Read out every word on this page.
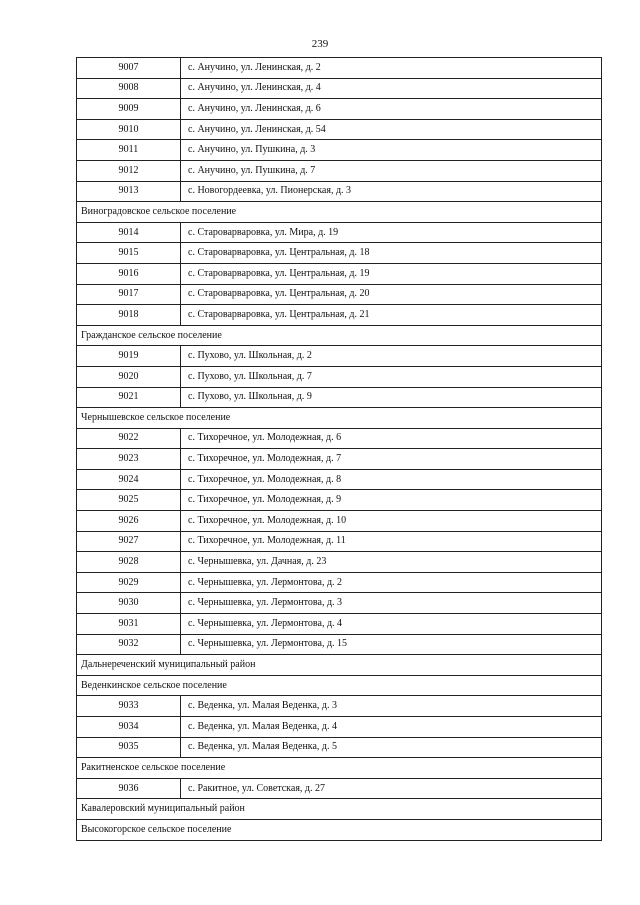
239
9007	с. Анучино, ул. Ленинская, д. 2
9008	с. Анучино, ул. Ленинская, д. 4
9009	с. Анучино, ул. Ленинская, д. 6
9010	с. Анучино, ул. Ленинская, д. 54
9011	с. Анучино, ул. Пушкина, д. 3
9012	с. Анучино, ул. Пушкина, д. 7
9013	с. Новогордеевка, ул. Пионерская, д. 3
Виноградовское сельское поселение	
9014	с. Староварваровка, ул. Мира, д. 19
9015	с. Староварваровка, ул. Центральная, д. 18
9016	с. Староварваровка, ул. Центральная, д. 19
9017	с. Староварваровка, ул. Центральная, д. 20
9018	с. Староварваровка, ул. Центральная, д. 21
Гражданское сельское поселение	
9019	с. Пухово, ул. Школьная, д. 2
9020	с. Пухово, ул. Школьная, д. 7
9021	с. Пухово, ул. Школьная, д. 9
Чернышевское сельское поселение	
9022	с. Тихоречное, ул. Молодежная, д. 6
9023	с. Тихоречное, ул. Молодежная, д. 7
9024	с. Тихоречное, ул. Молодежная, д. 8
9025	с. Тихоречное, ул. Молодежная, д. 9
9026	с. Тихоречное, ул. Молодежная, д. 10
9027	с. Тихоречное, ул. Молодежная, д. 11
9028	с. Чернышевка, ул. Дачная, д. 23
9029	с. Чернышевка, ул. Лермонтова, д. 2
9030	с. Чернышевка, ул. Лермонтова, д. 3
9031	с. Чернышевка, ул. Лермонтова, д. 4
9032	с. Чернышевка, ул. Лермонтова, д. 15
Дальнереченский муниципальный район	
Веденкинское сельское поселение	
9033	с. Веденка, ул. Малая Веденка, д. 3
9034	с. Веденка, ул. Малая Веденка, д. 4
9035	с. Веденка, ул. Малая Веденка, д. 5
Ракитненское сельское поселение	
9036	с. Ракитное, ул. Советская, д. 27
Кавалеровский муниципальный район	
Высокогорское сельское поселение	
